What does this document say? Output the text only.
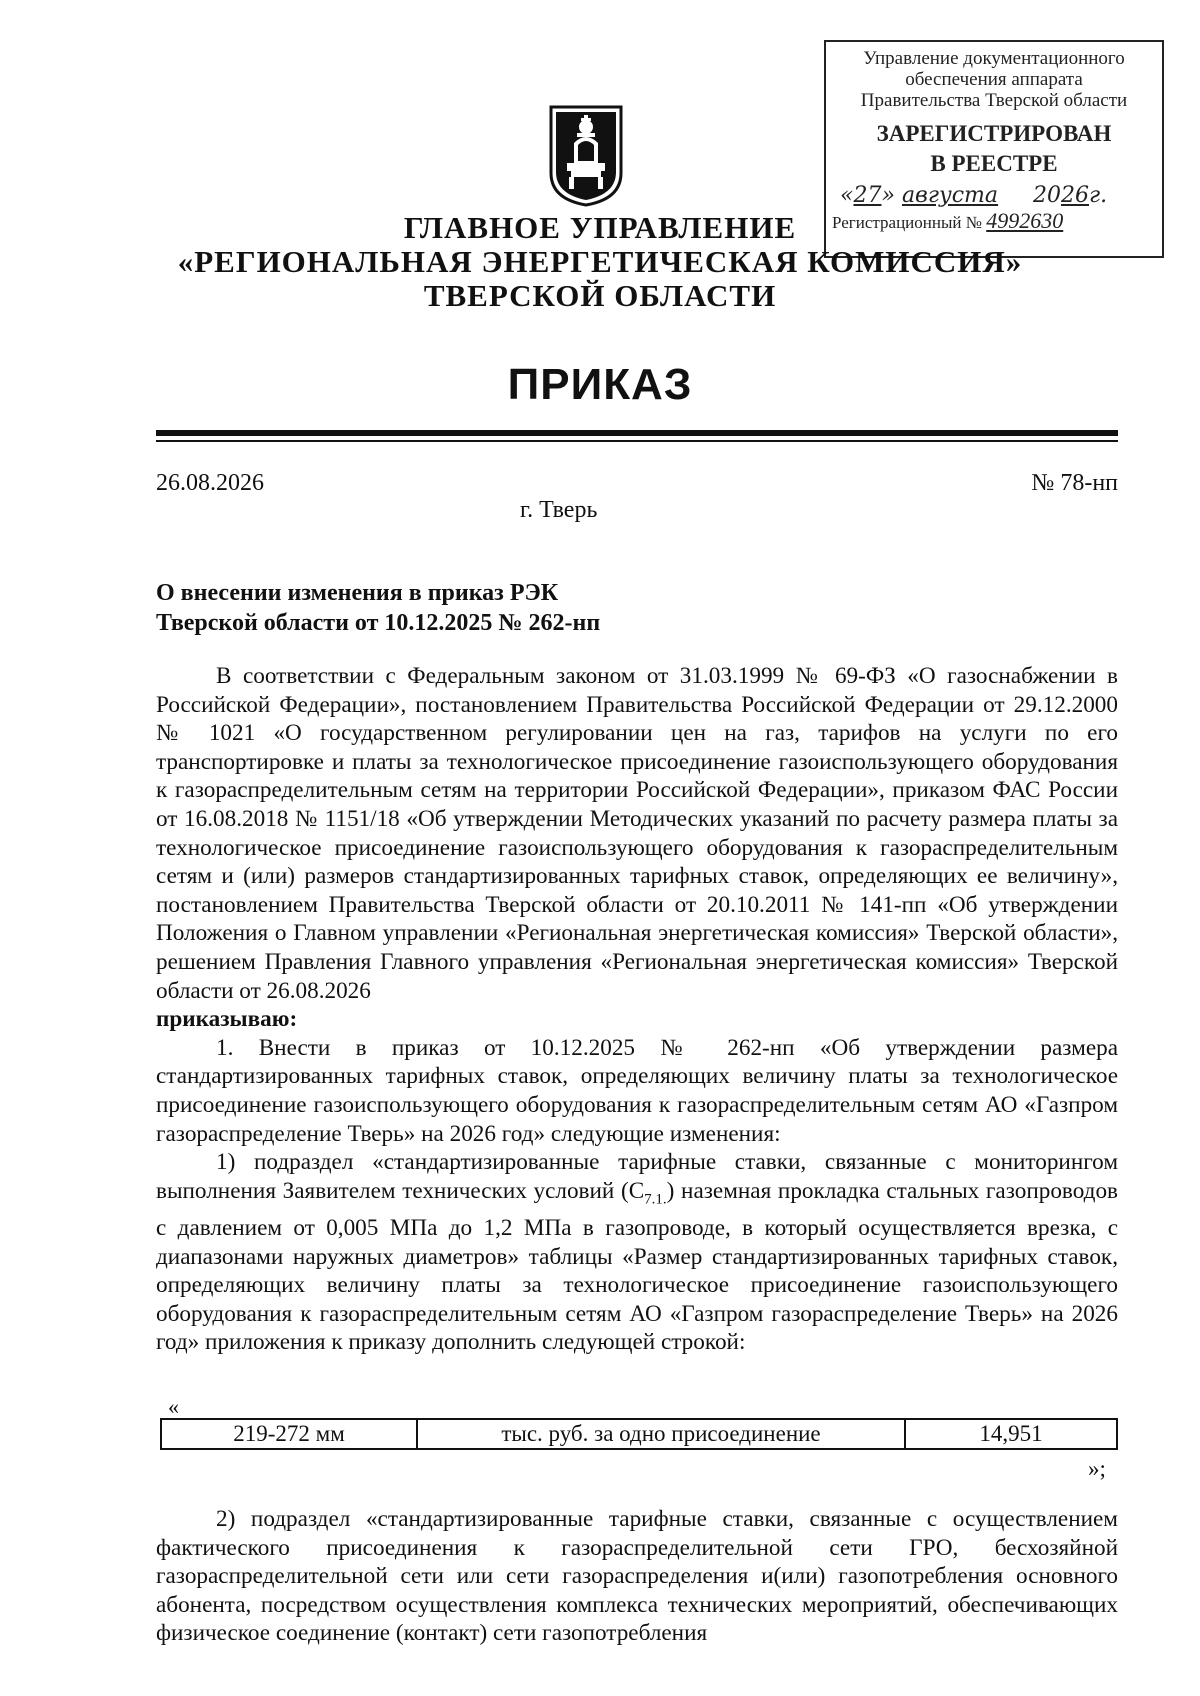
Управление документационного
обеспечения аппарата
Правительства Тверской области
ЗАРЕГИСТРИРОВАН
В РЕЕСТРЕ
«27» августа 2026г.
Регистрационный № 4992630
ГЛАВНОЕ УПРАВЛЕНИЕ
«РЕГИОНАЛЬНАЯ ЭНЕРГЕТИЧЕСКАЯ КОМИССИЯ»
ТВЕРСКОЙ ОБЛАСТИ
ПРИКАЗ
26.08.2026	№ 78-нп
г. Тверь
О внесении изменения в приказ РЭК
Тверской области от 10.12.2025 № 262-нп

В соответствии с Федеральным законом от 31.03.1999 № 69-ФЗ «О газоснабжении в Российской Федерации», постановлением Правительства Российской Федерации от 29.12.2000 № 1021 «О государственном регулировании цен на газ, тарифов на услуги по его транспортировке и платы за технологическое присоединение газоиспользующего оборудования к газораспределительным сетям на территории Российской Федерации», приказом ФАС России от 16.08.2018 № 1151/18 «Об утверждении Методических указаний по расчету размера платы за технологическое присоединение газоиспользующего оборудования к газораспределительным сетям и (или) размеров стандартизированных тарифных ставок, определяющих ее величину», постановлением Правительства Тверской области от 20.10.2011 № 141-пп «Об утверждении Положения о Главном управлении «Региональная энергетическая комиссия» Тверской области», решением Правления Главного управления «Региональная энергетическая комиссия» Тверской области от 26.08.2026

приказываю:

1. Внести в приказ от 10.12.2025 № 262-нп «Об утверждении размера стандартизированных тарифных ставок, определяющих величину платы за технологическое присоединение газоиспользующего оборудования к газораспределительным сетям АО «Газпром газораспределение Тверь» на 2026 год» следующие изменения:

1) подраздел «стандартизированные тарифные ставки, связанные с мониторингом выполнения Заявителем технических условий $(С_{7.1.})$ наземная прокладка стальных газопроводов с давлением от 0,005 МПа до 1,2 МПа в газопроводе, в который осуществляется врезка, с диапазонами наружных диаметров» таблицы «Размер стандартизированных тарифных ставок, определяющих величину платы за технологическое присоединение газоиспользующего оборудования к газораспределительным сетям АО «Газпром газораспределение Тверь» на 2026 год» приложения к приказу дополнить следующей строкой:

«
219-272 мм	тыс. руб. за одно присоединение	14,951
»;

2) подраздел «стандартизированные тарифные ставки, связанные с осуществлением фактического присоединения к газораспределительной сети ГРО, бесхозяйной газораспределительной сети или сети газораспределения и(или) газопотребления основного абонента, посредством осуществления комплекса технических мероприятий, обеспечивающих физическое соединение (контакт) сети газопотребления
